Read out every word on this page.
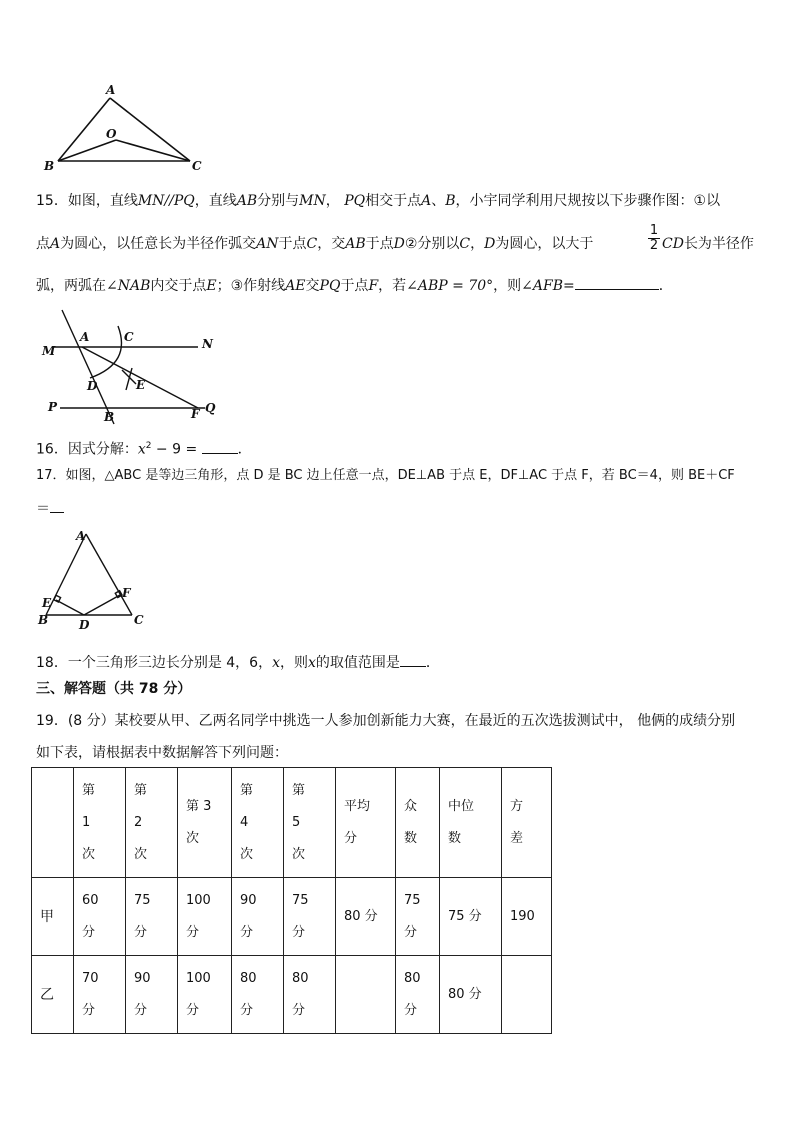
A
O
B	C
15．如图，直线MN//PQ，直线AB分别与MN， PQ相交于点A、B，小宇同学利用尺规按以下步骤作图：①以
点A为圆心，以任意长为半径作弧交AN于点C，交AB于点D②分别以C，D为圆心，以大于
1
2 CD长为半径作
弧，两弧在∠NAB内交于点E；③作射线AE交PQ于点F，若∠ABP = 70°，则∠AFB=	．
M
A	C	N
D	E
P
B	F Q
16．因式分解：$x^2 - 9$ =	．
17．如图，△ABC 是等边三角形，点 D 是 BC 边上任意一点，DE⊥AB 于点 E，DF⊥AC 于点 F，若 BC＝4，则 BE＋CF
＝
A
E
F
B	D	C
18．一个三角形三边长分别是 4，6，x，则x的取值范围是 ．
三、解答题（共 78 分）
19．(8 分）某校要从甲、乙两名同学中挑选一人参加创新能力大赛，在最近的五次选拔测试中， 他俩的成绩分别
如下表，请根据表中数据解答下列问题：
	第
1
次	第
2
次	第 3
次	第
4
次	第
5
次	平均
分	众
数	中位
数	方
差
甲	60
分	75
分	100
分	90
分	75
分	80 分	75
分	75 分	190
乙	70
分	90
分	100
分	80
分	80
分		80
分	80 分	
